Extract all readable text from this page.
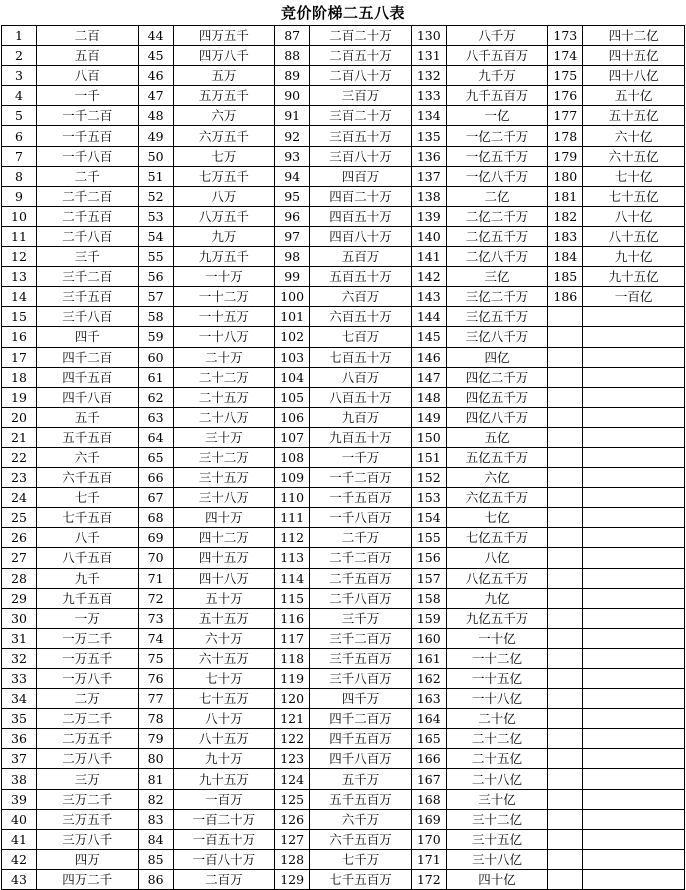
竞价阶梯二五八表
1	二百	44	四万五千	87	二百二十万	130	八千万	173	四十二亿
2	五百	45	四万八千	88	二百五十万	131	八千五百万	174	四十五亿
3	八百	46	五万	89	二百八十万	132	九千万	175	四十八亿
4	一千	47	五万五千	90	三百万	133	九千五百万	176	五十亿
5	一千二百	48	六万	91	三百二十万	134	一亿	177	五十五亿
6	一千五百	49	六万五千	92	三百五十万	135	一亿二千万	178	六十亿
7	一千八百	50	七万	93	三百八十万	136	一亿五千万	179	六十五亿
8	二千	51	七万五千	94	四百万	137	一亿八千万	180	七十亿
9	二千二百	52	八万	95	四百二十万	138	二亿	181	七十五亿
10	二千五百	53	八万五千	96	四百五十万	139	二亿二千万	182	八十亿
11	二千八百	54	九万	97	四百八十万	140	二亿五千万	183	八十五亿
12	三千	55	九万五千	98	五百万	141	二亿八千万	184	九十亿
13	三千二百	56	一十万	99	五百五十万	142	三亿	185	九十五亿
14	三千五百	57	一十二万	100	六百万	143	三亿二千万	186	一百亿
15	三千八百	58	一十五万	101	六百五十万	144	三亿五千万		
16	四千	59	一十八万	102	七百万	145	三亿八千万		
17	四千二百	60	二十万	103	七百五十万	146	四亿		
18	四千五百	61	二十二万	104	八百万	147	四亿二千万		
19	四千八百	62	二十五万	105	八百五十万	148	四亿五千万		
20	五千	63	二十八万	106	九百万	149	四亿八千万		
21	五千五百	64	三十万	107	九百五十万	150	五亿		
22	六千	65	三十二万	108	一千万	151	五亿五千万		
23	六千五百	66	三十五万	109	一千二百万	152	六亿		
24	七千	67	三十八万	110	一千五百万	153	六亿五千万		
25	七千五百	68	四十万	111	一千八百万	154	七亿		
26	八千	69	四十二万	112	二千万	155	七亿五千万		
27	八千五百	70	四十五万	113	二千二百万	156	八亿		
28	九千	71	四十八万	114	二千五百万	157	八亿五千万		
29	九千五百	72	五十万	115	二千八百万	158	九亿		
30	一万	73	五十五万	116	三千万	159	九亿五千万		
31	一万二千	74	六十万	117	三千二百万	160	一十亿		
32	一万五千	75	六十五万	118	三千五百万	161	一十二亿		
33	一万八千	76	七十万	119	三千八百万	162	一十五亿		
34	二万	77	七十五万	120	四千万	163	一十八亿		
35	二万二千	78	八十万	121	四千二百万	164	二十亿		
36	二万五千	79	八十五万	122	四千五百万	165	二十二亿		
37	二万八千	80	九十万	123	四千八百万	166	二十五亿		
38	三万	81	九十五万	124	五千万	167	二十八亿		
39	三万二千	82	一百万	125	五千五百万	168	三十亿		
40	三万五千	83	一百二十万	126	六千万	169	三十二亿		
41	三万八千	84	一百五十万	127	六千五百万	170	三十五亿		
42	四万	85	一百八十万	128	七千万	171	三十八亿		
43	四万二千	86	二百万	129	七千五百万	172	四十亿		
